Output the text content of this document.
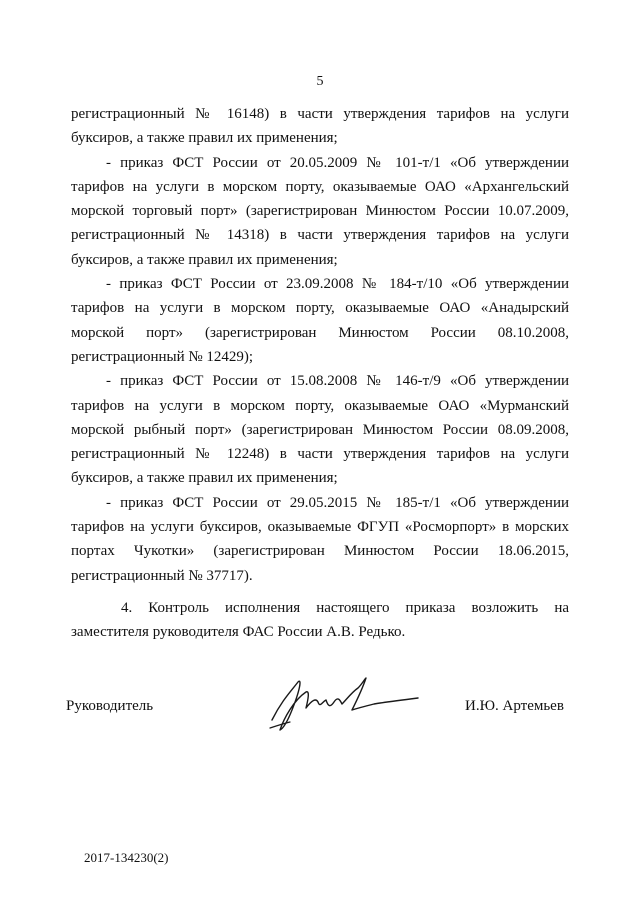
5

регистрационный № 16148) в части утверждения тарифов на услуги буксиров, а также правил их применения;

- приказ ФСТ России от 20.05.2009 № 101-т/1 «Об утверждении тарифов на услуги в морском порту, оказываемые ОАО «Архангельский морской торговый порт» (зарегистрирован Минюстом России 10.07.2009, регистрационный № 14318) в части утверждения тарифов на услуги буксиров, а также правил их применения;

- приказ ФСТ России от 23.09.2008 № 184-т/10 «Об утверждении тарифов на услуги в морском порту, оказываемые ОАО «Анадырский морской порт» (зарегистрирован Минюстом России 08.10.2008, регистрационный № 12429);

- приказ ФСТ России от 15.08.2008 № 146-т/9 «Об утверждении тарифов на услуги в морском порту, оказываемые ОАО «Мурманский морской рыбный порт» (зарегистрирован Минюстом России 08.09.2008, регистрационный № 12248) в части утверждения тарифов на услуги буксиров, а также правил их применения;

- приказ ФСТ России от 29.05.2015 № 185-т/1 «Об утверждении тарифов на услуги буксиров, оказываемые ФГУП «Росморпорт» в морских портах Чукотки» (зарегистрирован Минюстом России 18.06.2015, регистрационный № 37717).

4. Контроль исполнения настоящего приказа возложить на заместителя руководителя ФАС России А.В. Редько.

Руководитель	И.Ю. Артемьев
2017-134230(2)
